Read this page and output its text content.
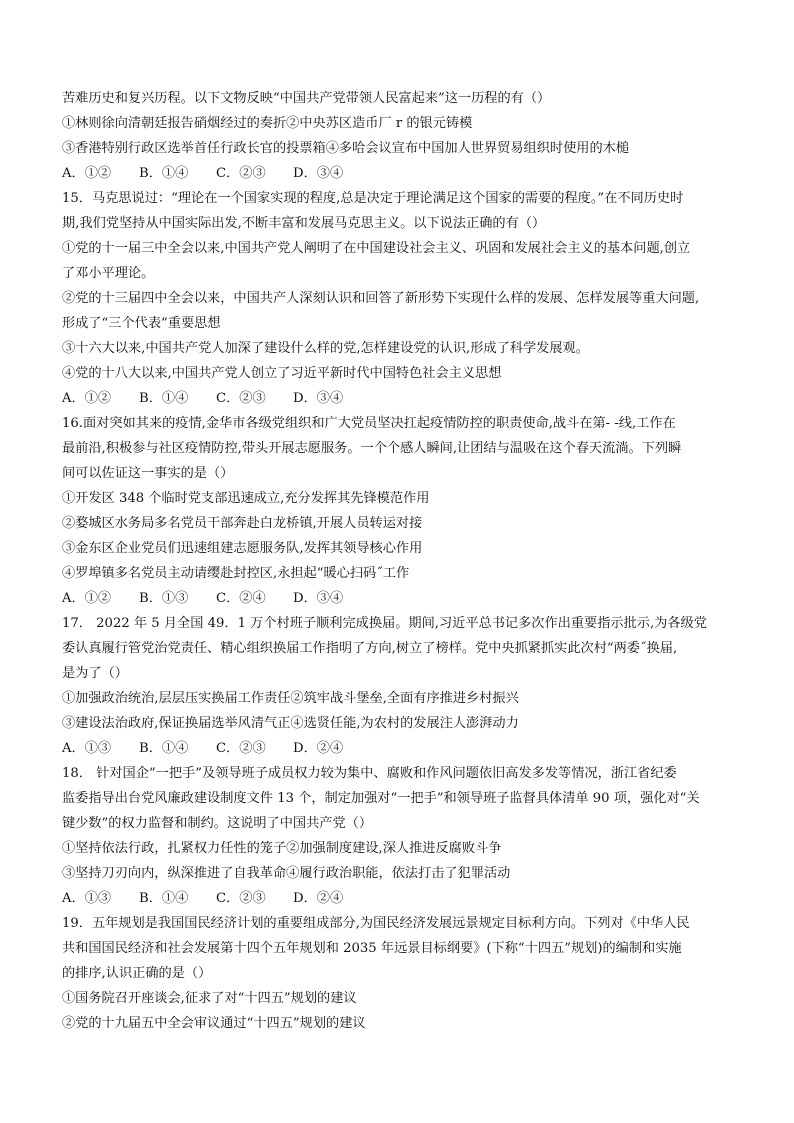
苦难历史和复兴历程。以下文物反映“中国共产党带领人民富起来”这一历程的有（）
①林则徐向清朝廷报告硝烟经过的奏折②中央苏区造币厂 r 的银元铸模
③香港特别行政区选举首任行政长官的投票箱④多哈会议宣布中国加人世界贸易组织时使用的木槌
A．①②	B．①④	C．②③	D．③④
15．马克思说过：“理论在一个国家实现的程度,总是决定于理论满足这个国家的需要的程度。”在不同历史时
期,我们党坚持从中国实际出发,不断丰富和发展马克思主义。以下说法正确的有（）
①党的十一届三中全会以来,中国共产党人阐明了在中国建设社会主义、巩固和发展社会主义的基本问题,创立
了邓小平理论。
②党的十三届四中全会以来，中国共产人深刻认识和回答了新形势下实现什么样的发展、怎样发展等重大问题,
形成了“三个代表”重要思想
③十六大以来,中国共产党人加深了建设什么样的党,怎样建设党的认识,形成了科学发展观。
④党的十八大以来,中国共产党人创立了习近平新时代中国特色社会主义思想
A．①②	B．①④	C．②③	D．③④
16.面对突如其来的疫情,金华市各级党组织和广大党员坚决扛起疫情防控的职责使命,战斗在第- -线,工作在
最前沿,积极参与社区疫情防控,带头开展志愿服务。一个个感人瞬间,让团结与温吸在这个春天流淌。下列瞬
间可以佐证这一事实的是（）
①开发区 348 个临时党支部迅速成立,充分发挥其先锋模范作用
②婺城区水务局多名党员干部奔赴白龙桥镇,开展人员转运对接
③金东区企业党员们迅速组建志愿服务队,发挥其领导核心作用
④罗埠镇多名党员主动请缨赴封控区,永担起“暖心扫码˝工作
A．①②	B．①③	C．②④	D．③④
17． 2022 年 5 月全国 49．1 万个村班子顺利完成换届。期间,习近平总书记多次作出重要指示批示,为各级党
委认真履行管党治党责任、精心组织换届工作指明了方向,树立了榜样。党中央抓紧抓实此次村“两委˝换届,
是为了（）
①加强政治统治,层层压实换届工作责任②筑牢战斗堡垒,全面有序推进乡村振兴
③建设法治政府,保证换届选举风清气正④选贤任能,为农村的发展注人澎湃动力
A．①③	B．①④	C．②③	D．②④
18． 针对国企“一把手”及领导班子成员权力较为集中、腐败和作风问题依旧高发多发等情况，浙江省纪委
监委指导出台党风廉政建设制度文件 13 个，制定加强对“一把手”和领导班子监督具体清单 90 项，强化对“关
键少数”的权力监督和制约。这说明了中国共产党（）
①坚持依法行政，扎紧权力任性的笼子②加强制度建设,深人推进反腐败斗争
③坚持刀刃向内，纵深推进了自我革命④履行政治职能，依法打击了犯罪活动
A．①③	B．①④	C．②③	D．②④
19．五年规划是我国国民经济计划的重要组成部分,为国民经济发展远景规定目标利方向。下列对《中华人民
共和国国民经济和社会发展第十四个五年规划和 2035 年远景目标纲要》(下称“十四五”规划)的编制和实施
的排序,认识正确的是（）
①国务院召开座谈会,征求了对“十四五”规划的建议
②党的十九届五中全会审议通过“十四五”规划的建议
